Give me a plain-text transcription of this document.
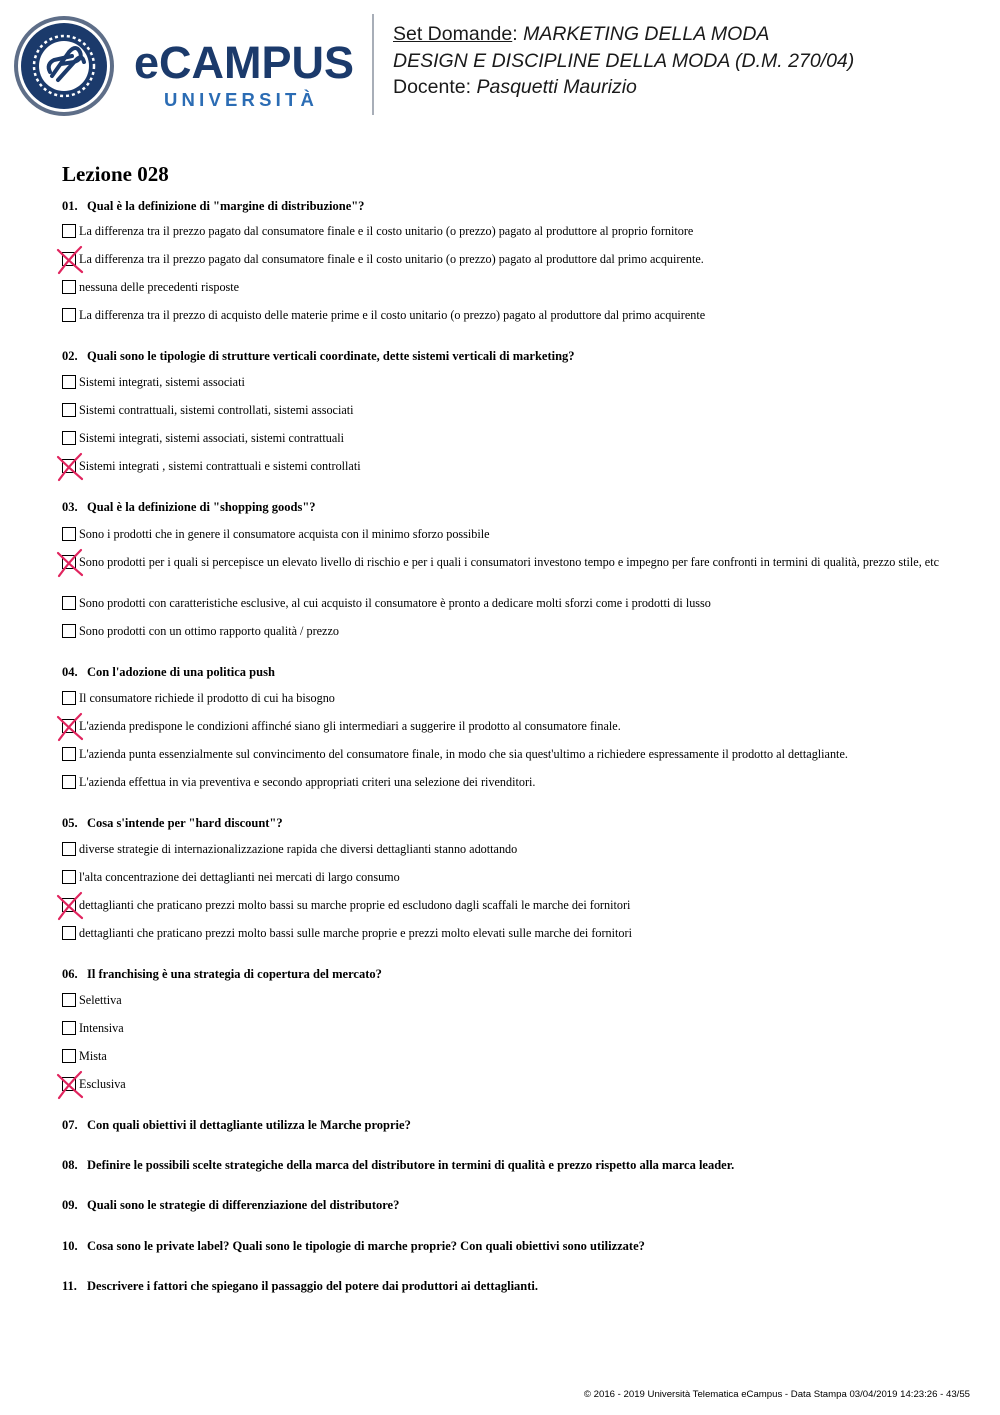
eCAMPUS
UNIVERSITÀ
Set Domande: MARKETING DELLA MODA
DESIGN E DISCIPLINE DELLA MODA (D.M. 270/04)
Docente: Pasquetti Maurizio
Lezione 028
01. Qual è la definizione di "margine di distribuzione"?
La differenza tra il prezzo pagato dal consumatore finale e il costo unitario (o prezzo) pagato al produttore al proprio fornitore
La differenza tra il prezzo pagato dal consumatore finale e il costo unitario (o prezzo) pagato al produttore dal primo acquirente.
nessuna delle precedenti risposte
La differenza tra il prezzo di acquisto delle materie prime e il costo unitario (o prezzo) pagato al produttore dal primo acquirente
02. Quali sono le tipologie di strutture verticali coordinate, dette sistemi verticali di marketing?
Sistemi integrati, sistemi associati
Sistemi contrattuali, sistemi controllati, sistemi associati
Sistemi integrati, sistemi associati, sistemi contrattuali
Sistemi integrati , sistemi contrattuali e sistemi controllati
03. Qual è la definizione di "shopping goods"?
Sono i prodotti che in genere il consumatore acquista con il minimo sforzo possibile
Sono prodotti per i quali si percepisce un elevato livello di rischio e per i quali i consumatori investono tempo e impegno per fare confronti in termini di qualità, prezzo stile, etc
Sono prodotti con caratteristiche esclusive, al cui acquisto il consumatore è pronto a dedicare molti sforzi come i prodotti di lusso
Sono prodotti con un ottimo rapporto qualità / prezzo
04. Con l'adozione di una politica push
Il consumatore richiede il prodotto di cui ha bisogno
L'azienda predispone le condizioni affinché siano gli intermediari a suggerire il prodotto al consumatore finale.
L'azienda punta essenzialmente sul convincimento del consumatore finale, in modo che sia quest'ultimo a richiedere espressamente il prodotto al dettagliante.
L'azienda effettua in via preventiva e secondo appropriati criteri una selezione dei rivenditori.
05. Cosa s'intende per "hard discount"?
diverse strategie di internazionalizzazione rapida che diversi dettaglianti stanno adottando
l'alta concentrazione dei dettaglianti nei mercati di largo consumo
dettaglianti che praticano prezzi molto bassi su marche proprie ed escludono dagli scaffali le marche dei fornitori
dettaglianti che praticano prezzi molto bassi sulle marche proprie e prezzi molto elevati sulle marche dei fornitori
06. Il franchising è una strategia di copertura del mercato?
Selettiva
Intensiva
Mista
Esclusiva
07. Con quali obiettivi il dettagliante utilizza le Marche proprie?
08. Definire le possibili scelte strategiche della marca del distributore in termini di qualità e prezzo rispetto alla marca leader.
09. Quali sono le strategie di differenziazione del distributore?
10. Cosa sono le private label? Quali sono le tipologie di marche proprie? Con quali obiettivi sono utilizzate?
11. Descrivere i fattori che spiegano il passaggio del potere dai produttori ai dettaglianti.
© 2016 - 2019 Università Telematica eCampus - Data Stampa 03/04/2019 14:23:26 - 43/55
